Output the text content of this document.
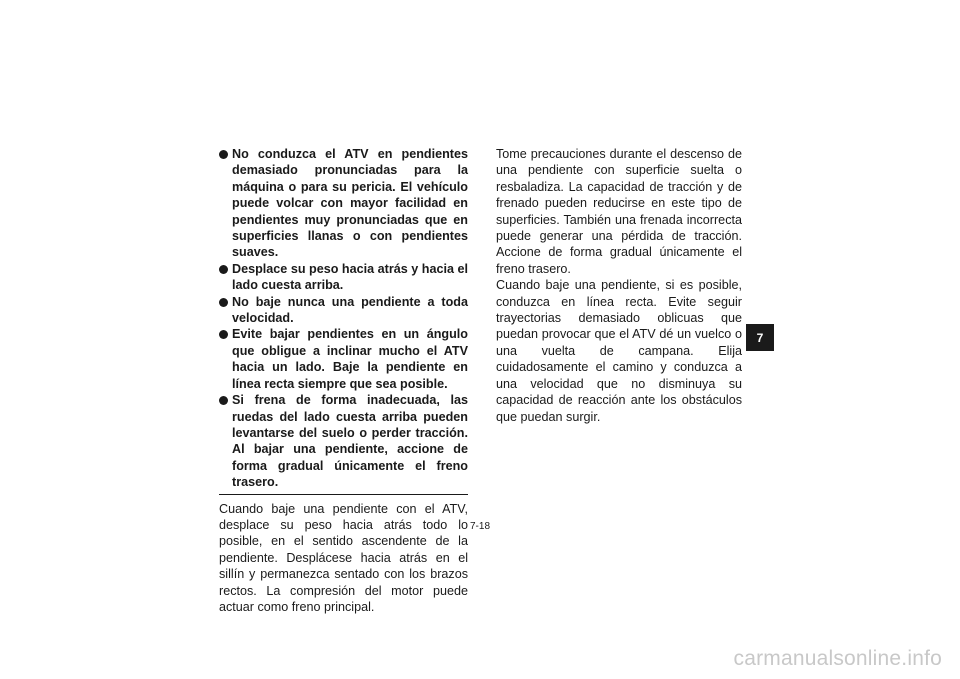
No conduzca el ATV en pendientes demasiado pronunciadas para la máquina o para su pericia. El vehículo puede volcar con mayor facilidad en pendientes muy pronunciadas que en superficies llanas o con pendientes suaves.
Desplace su peso hacia atrás y hacia el lado cuesta arriba.
No baje nunca una pendiente a toda velocidad.
Evite bajar pendientes en un ángulo que obligue a inclinar mucho el ATV hacia un lado. Baje la pendiente en línea recta siempre que sea posible.
Si frena de forma inadecuada, las ruedas del lado cuesta arriba pueden levantarse del suelo o perder tracción. Al bajar una pendiente, accione de forma gradual únicamente el freno trasero.

Cuando baje una pendiente con el ATV, desplace su peso hacia atrás todo lo posible, en el sentido ascendente de la pendiente. Desplácese hacia atrás en el sillín y permanezca sentado con los brazos rectos. La compresión del motor puede actuar como freno principal.

Tome precauciones durante el descenso de una pendiente con superficie suelta o resbaladiza. La capacidad de tracción y de frenado pueden reducirse en este tipo de superficies. También una frenada incorrecta puede generar una pérdida de tracción. Accione de forma gradual únicamente el freno trasero.

Cuando baje una pendiente, si es posible, conduzca en línea recta. Evite seguir trayectorias demasiado oblicuas que puedan provocar que el ATV dé un vuelco o una vuelta de campana. Elija cuidadosamente el camino y conduzca a una velocidad que no disminuya su capacidad de reacción ante los obstáculos que puedan surgir.

7
7-18
carmanualsonline.info
